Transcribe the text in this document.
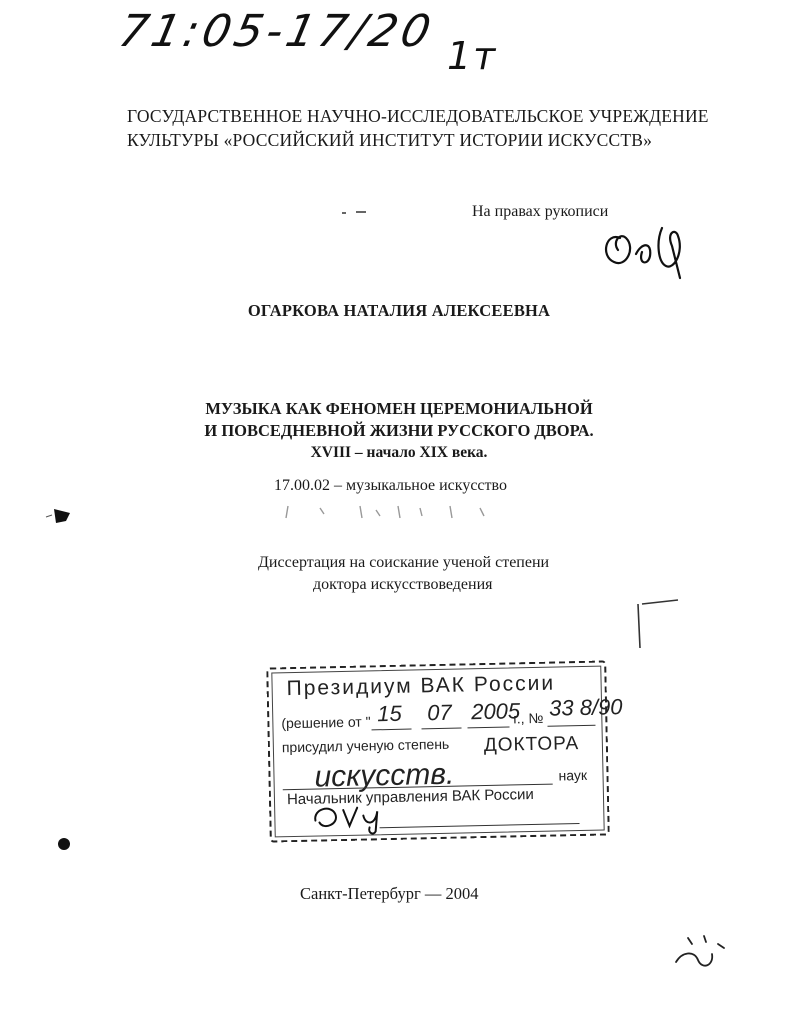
71:05-17/20 1т
ГОСУДАРСТВЕННОЕ НАУЧНО-ИССЛЕДОВАТЕЛЬСКОЕ УЧРЕЖДЕНИЕ
КУЛЬТУРЫ «РОССИЙСКИЙ ИНСТИТУТ ИСТОРИИ ИСКУССТВ»
На правах рукописи
ОГАРКОВА НАТАЛИЯ АЛЕКСЕЕВНА
МУЗЫКА КАК ФЕНОМЕН ЦЕРЕМОНИАЛЬНОЙ
И ПОВСЕДНЕВНОЙ ЖИЗНИ РУССКОГО ДВОРА.
XVIII – начало XIX века.
17.00.02 – музыкальное искусство
Диссертация на соискание ученой степени
доктора искусствоведения
Президиум ВАК России
(решение от " 15 07 2005
г., № 33 8/90
присудил ученую степень ДОКТОРА
искусств.	наук
Начальник управления ВАК России
Санкт-Петербург — 2004
